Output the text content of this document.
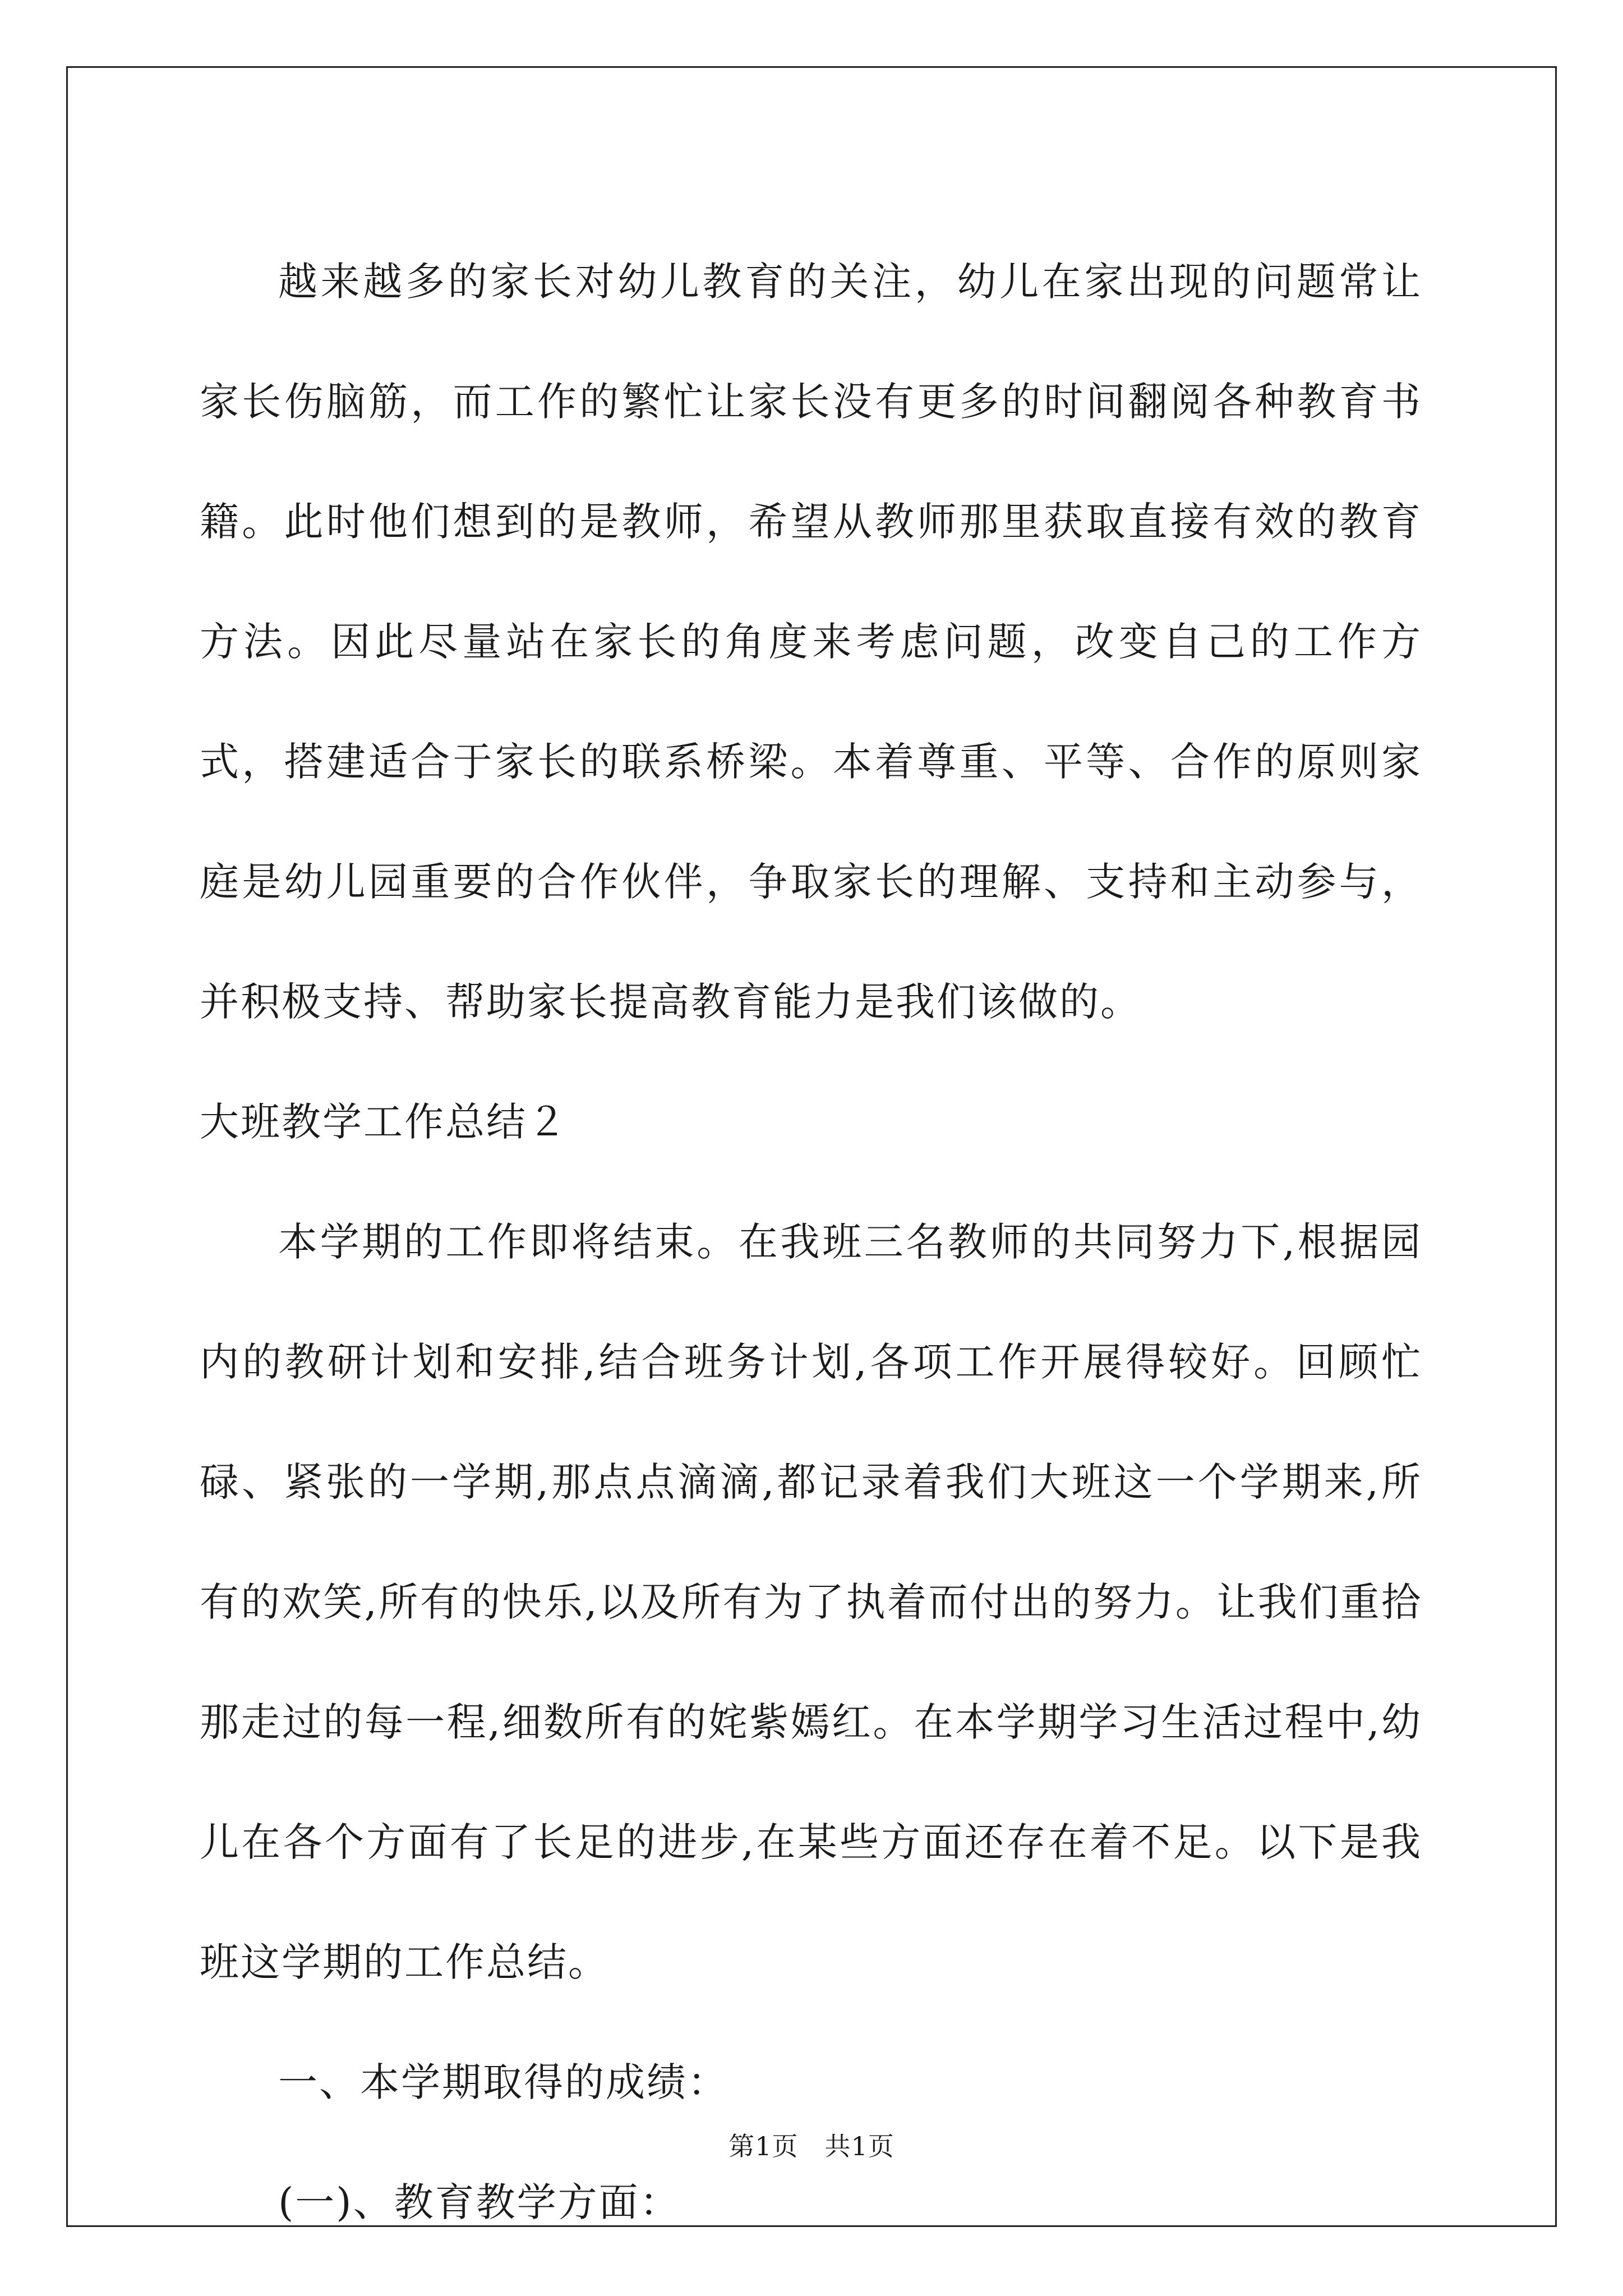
越来越多的家长对幼儿教育的关注，幼儿在家出现的问题常让家长伤脑筋，而工作的繁忙让家长没有更多的时间翻阅各种教育书籍。此时他们想到的是教师，希望从教师那里获取直接有效的教育方法。因此尽量站在家长的角度来考虑问题，改变自己的工作方式，搭建适合于家长的联系桥梁。本着尊重、平等、合作的原则家庭是幼儿园重要的合作伙伴，争取家长的理解、支持和主动参与，并积极支持、帮助家长提高教育能力是我们该做的。

大班教学工作总结２

本学期的工作即将结束。在我班三名教师的共同努力下,根据园内的教研计划和安排,结合班务计划,各项工作开展得较好。回顾忙碌、紧张的一学期,那点点滴滴,都记录着我们大班这一个学期来,所有的欢笑,所有的快乐,以及所有为了执着而付出的努力。让我们重拾那走过的每一程,细数所有的姹紫嫣红。在本学期学习生活过程中,幼儿在各个方面有了长足的进步,在某些方面还存在着不足。以下是我班这学期的工作总结。

一、本学期取得的成绩：

(一)、教育教学方面：

第1页　共1页
